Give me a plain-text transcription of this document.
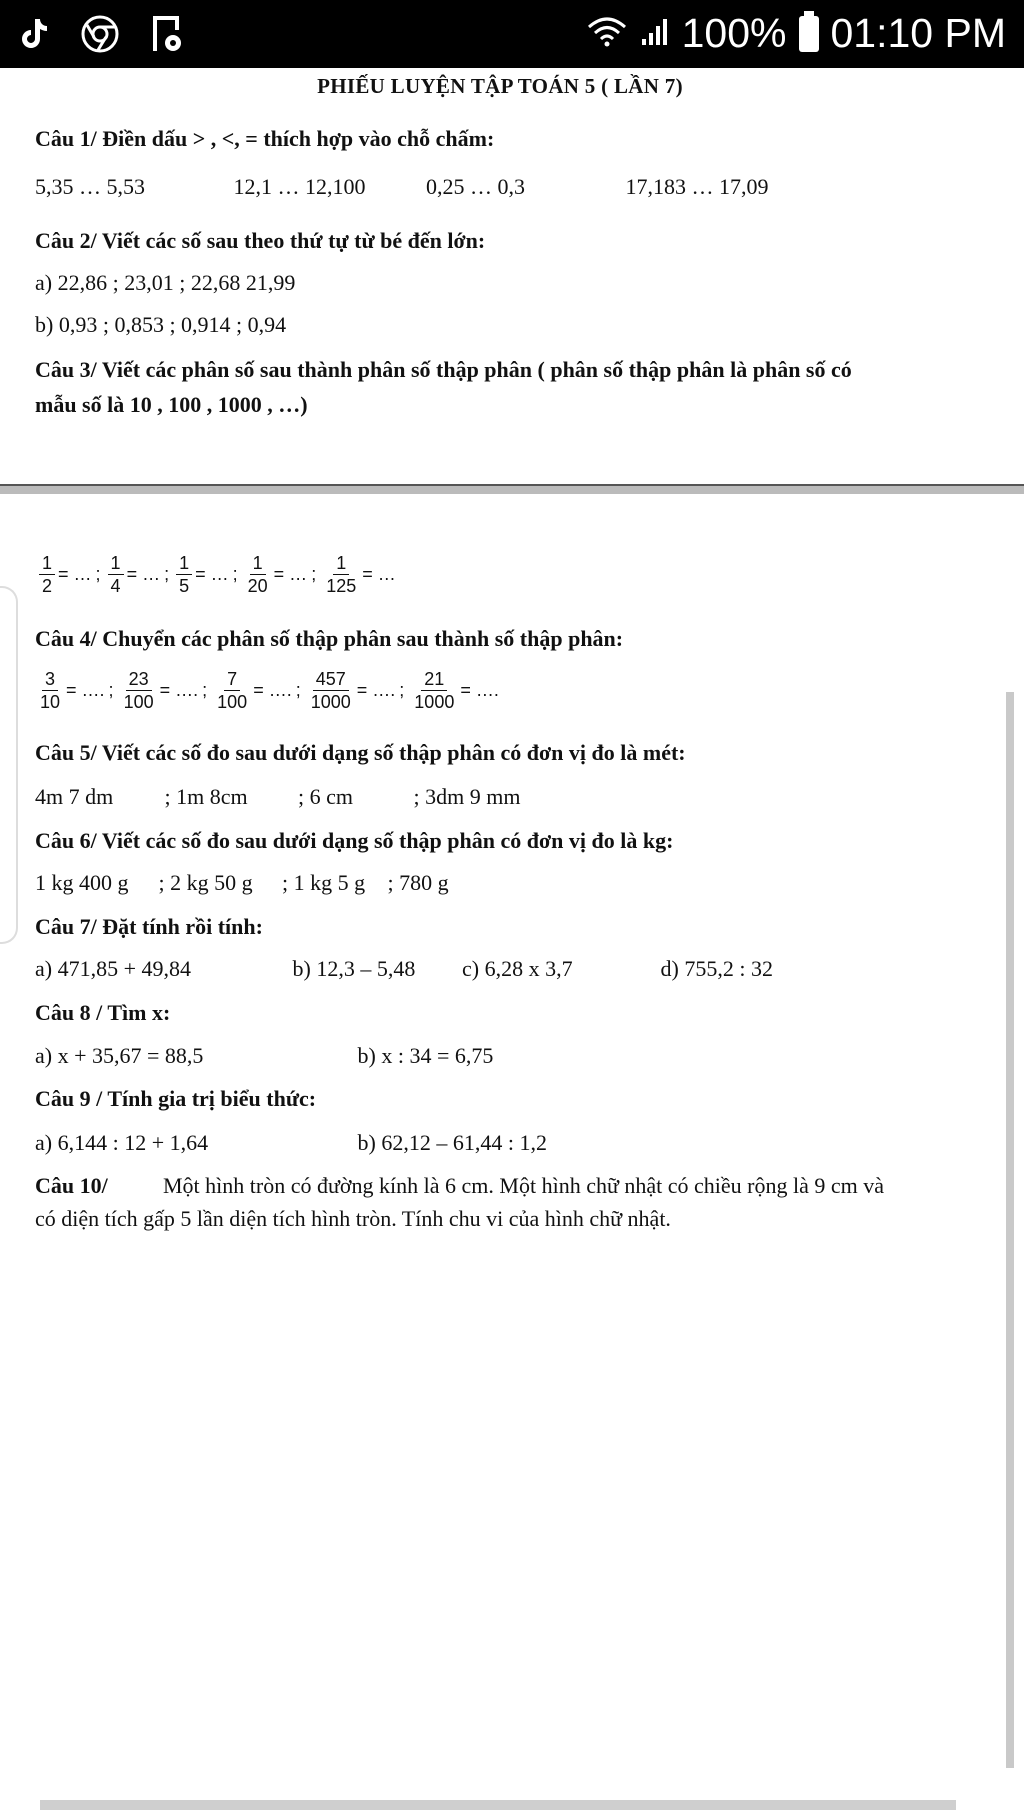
100% 01:10 PM
PHIẾU LUYỆN TẬP TOÁN 5 ( LẦN 7)
Câu 1/ Điền dấu > , <, = thích hợp vào chỗ chấm:
5,35 … 5,53	12,1 … 12,100	0,25 … 0,3	17,183 … 17,09
Câu 2/ Viết các số sau theo thứ tự từ bé đến lớn:
a) 22,86 ; 23,01 ; 22,68 21,99
b) 0,93 ; 0,853 ; 0,914 ; 0,94
Câu 3/ Viết các phân số sau thành phân số thập phân ( phân số thập phân là phân số có
mẫu số là 10 , 100 , 1000 , …)
$\frac{1}{2}$ = … ; $\frac{1}{4}$ = … ; $\frac{1}{5}$ = … ; $\frac{1}{20}$ = … ; $\frac{1}{125}$ = …
Câu 4/ Chuyển các phân số thập phân sau thành số thập phân:
$\frac{3}{10}$ = …. ; $\frac{23}{100}$ = …. ; $\frac{7}{100}$ = …. ; $\frac{457}{1000}$ = …. ; $\frac{21}{1000}$ = ….
Câu 5/ Viết các số đo sau dưới dạng số thập phân có đơn vị đo là mét:
4m 7 dm ; 1m 8cm ; 6 cm	; 3dm 9 mm
Câu 6/ Viết các số đo sau dưới dạng số thập phân có đơn vị đo là kg:
1 kg 400 g ; 2 kg 50 g ; 1 kg 5 g ; 780 g
Câu 7/ Đặt tính rồi tính:
a) 471,85 + 49,84	b) 12,3 – 5,48 c) 6,28 x 3,7	d) 755,2 : 32
Câu 8 / Tìm x:
a) x + 35,67 = 88,5	b) x : 34 = 6,75
Câu 9 / Tính gia trị biểu thức:
a) 6,144 : 12 + 1,64	b) 62,12 – 61,44 : 1,2
Câu 10/	Một hình tròn có đường kính là 6 cm. Một hình chữ nhật có chiều rộng là 9 cm và
có diện tích gấp 5 lần diện tích hình tròn. Tính chu vi của hình chữ nhật.
